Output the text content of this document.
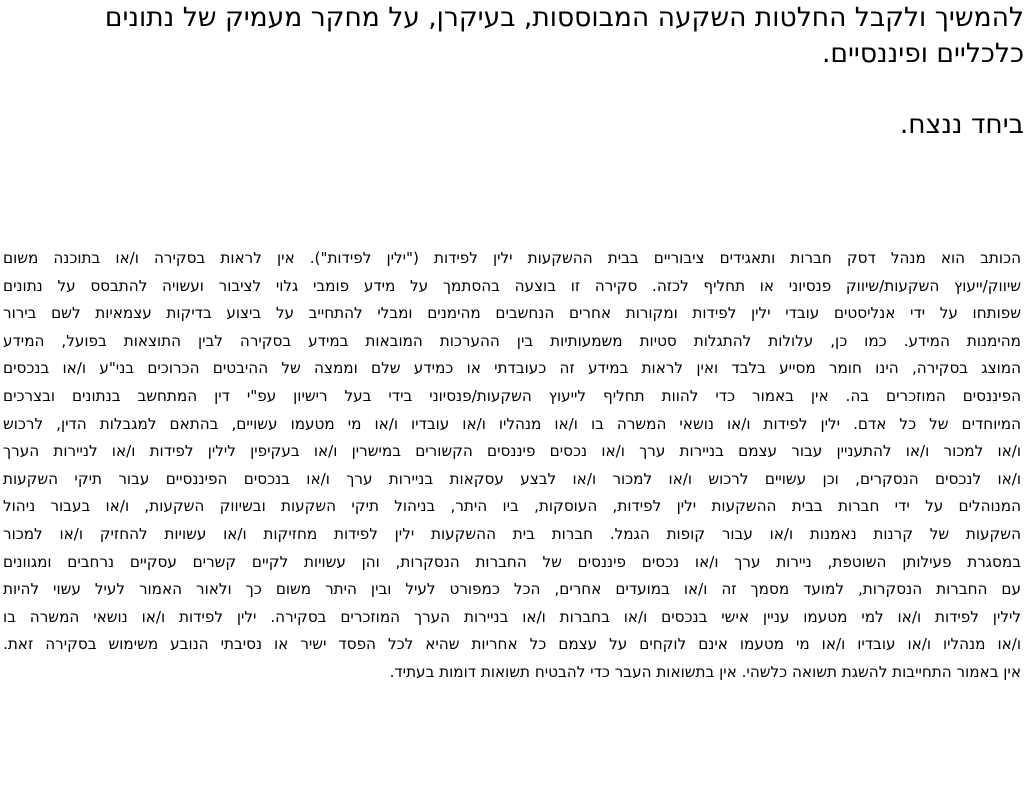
להמשיך ולקבל החלטות השקעה המבוססות, בעיקרן, על מחקר מעמיק של נתונים
כלכליים ופיננסיים.

ביחד ננצח.

הכותב הוא מנהל דסק חברות ותאגידים ציבוריים בבית ההשקעות ילין לפידות ("ילין לפידות"). אין לראות בסקירה ו/או בתוכנה משום
שיווק/ייעוץ השקעות/שיווק פנסיוני או תחליף לכזה. סקירה זו בוצעה בהסתמך על מידע פומבי גלוי לציבור ועשויה להתבסס על נתונים
שפותחו על ידי אנליסטים עובדי ילין לפידות ומקורות אחרים הנחשבים מהימנים ומבלי להתחייב על ביצוע בדיקות עצמאיות לשם בירור
מהימנות המידע. כמו כן, עלולות להתגלות סטיות משמעותיות בין ההערכות המובאות במידע בסקירה לבין התוצאות בפועל, המידע
המוצג בסקירה, הינו חומר מסייע בלבד ואין לראות במידע זה כעובדתי או כמידע שלם וממצה של ההיבטים הכרוכים בני"ע ו/או בנכסים
הפיננסים המוזכרים בה. אין באמור כדי להוות תחליף לייעוץ השקעות/פנסיוני בידי בעל רישיון עפ"י דין המתחשב בנתונים ובצרכים
המיוחדים של כל אדם. ילין לפידות ו/או נושאי המשרה בו ו/או מנהליו ו/או עובדיו ו/או מי מטעמו עשויים, בהתאם למגבלות הדין, לרכוש
ו/או למכור ו/או להתעניין עבור עצמם בניירות ערך ו/או נכסים פיננסים הקשורים במישרין ו/או בעקיפין לילין לפידות ו/או לניירות הערך
ו/או לנכסים הנסקרים, וכן עשויים לרכוש ו/או למכור ו/או לבצע עסקאות בניירות ערך ו/או בנכסים הפיננסיים עבור תיקי השקעות
המנוהלים על ידי חברות בבית ההשקעות ילין לפידות, העוסקות, ביו היתר, בניהול תיקי השקעות ובשיווק השקעות, ו/או בעבור ניהול
השקעות של קרנות נאמנות ו/או עבור קופות הגמל. חברות בית ההשקעות ילין לפידות מחזיקות ו/או עשויות להחזיק ו/או למכור
במסגרת פעילותן השוטפת, ניירות ערך ו/או נכסים פיננסים של החברות הנסקרות, והן עשויות לקיים קשרים עסקיים נרחבים ומגוונים
עם החברות הנסקרות, למועד מסמך זה ו/או במועדים אחרים, הכל כמפורט לעיל ובין היתר משום כך ולאור האמור לעיל עשוי להיות
לילין לפידות ו/או למי מטעמו עניין אישי בנכסים ו/או בחברות ו/או בניירות הערך המוזכרים בסקירה. ילין לפידות ו/או נושאי המשרה בו
ו/או מנהליו ו/או עובדיו ו/או מי מטעמו אינם לוקחים על עצמם כל אחריות שהיא לכל הפסד ישיר או נסיבתי הנובע משימוש בסקירה זאת.
אין באמור התחייבות להשגת תשואה כלשהי. אין בתשואות העבר כדי להבטיח תשואות דומות בעתיד.
